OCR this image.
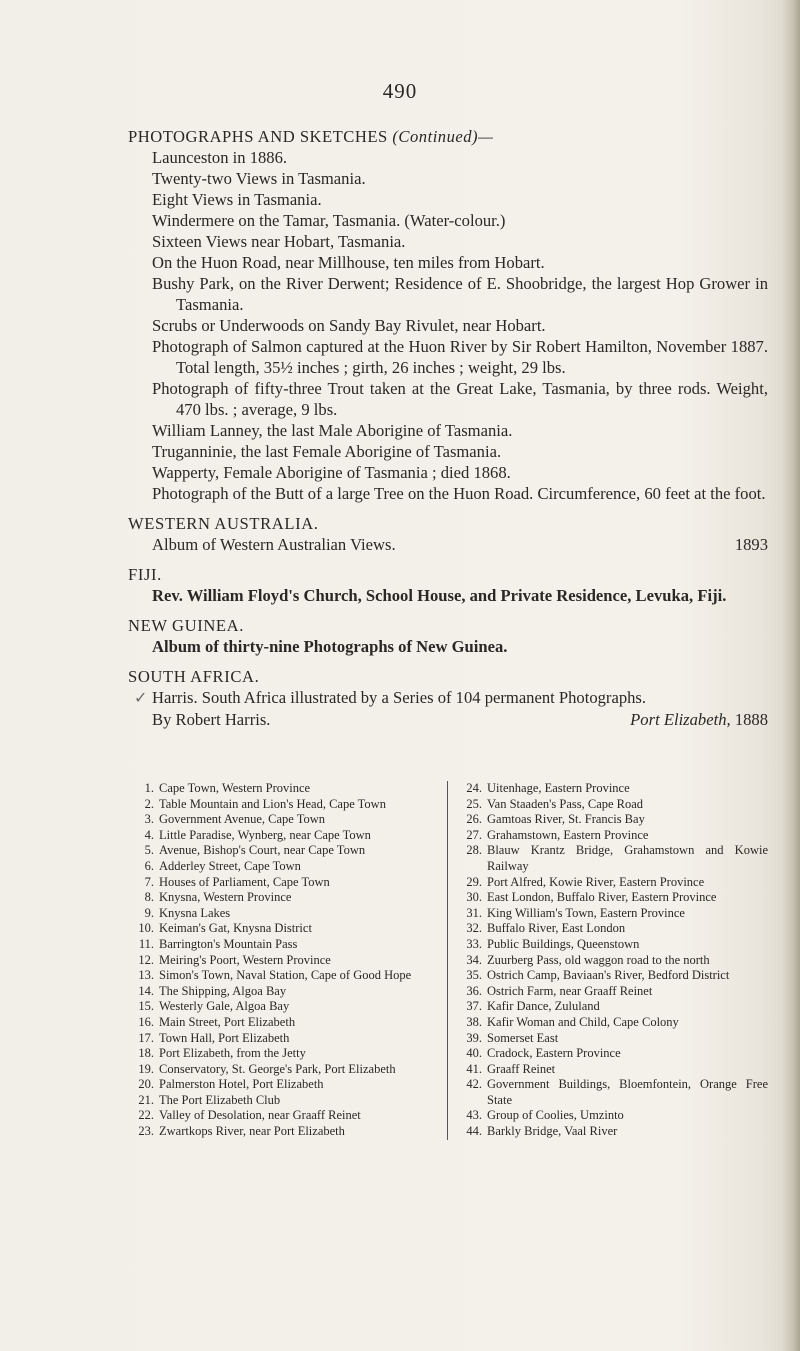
490

PHOTOGRAPHS AND SKETCHES (Continued)—

Launceston in 1886.

Twenty-two Views in Tasmania.

Eight Views in Tasmania.

Windermere on the Tamar, Tasmania. (Water-colour.)

Sixteen Views near Hobart, Tasmania.

On the Huon Road, near Millhouse, ten miles from Hobart.

Bushy Park, on the River Derwent; Residence of E. Shoobridge, the largest Hop Grower in Tasmania.

Scrubs or Underwoods on Sandy Bay Rivulet, near Hobart.

Photograph of Salmon captured at the Huon River by Sir Robert Hamilton, November 1887. Total length, 35½ inches ; girth, 26 inches ; weight, 29 lbs.

Photograph of fifty-three Trout taken at the Great Lake, Tasmania, by three rods. Weight, 470 lbs. ; average, 9 lbs.

William Lanney, the last Male Aborigine of Tasmania.

Truganninie, the last Female Aborigine of Tasmania.

Wapperty, Female Aborigine of Tasmania ; died 1868.

Photograph of the Butt of a large Tree on the Huon Road. Circumference, 60 feet at the foot.

WESTERN AUSTRALIA.

Album of Western Australian Views.	1893

FIJI.

Rev. William Floyd's Church, School House, and Private Residence, Levuka, Fiji.

NEW GUINEA.

Album of thirty-nine Photographs of New Guinea.

SOUTH AFRICA.

✓ Harris. South Africa illustrated by a Series of 104 permanent Photographs.

By Robert Harris.	Port Elizabeth, 1888
1. Cape Town, Western Province
2. Table Mountain and Lion's Head, Cape Town
3. Government Avenue, Cape Town
4. Little Paradise, Wynberg, near Cape Town
5. Avenue, Bishop's Court, near Cape Town
6. Adderley Street, Cape Town
7. Houses of Parliament, Cape Town
8. Knysna, Western Province
9. Knysna Lakes
10. Keiman's Gat, Knysna District
11. Barrington's Mountain Pass
12. Meiring's Poort, Western Province
13. Simon's Town, Naval Station, Cape of Good Hope
14. The Shipping, Algoa Bay
15. Westerly Gale, Algoa Bay
16. Main Street, Port Elizabeth
17. Town Hall, Port Elizabeth
18. Port Elizabeth, from the Jetty
19. Conservatory, St. George's Park, Port Elizabeth
20. Palmerston Hotel, Port Elizabeth
21. The Port Elizabeth Club
22. Valley of Desolation, near Graaff Reinet
23. Zwartkops River, near Port Elizabeth
24. Uitenhage, Eastern Province
25. Van Staaden's Pass, Cape Road
26. Gamtoas River, St. Francis Bay
27. Grahamstown, Eastern Province
28. Blauw Krantz Bridge, Grahamstown and Kowie Railway
29. Port Alfred, Kowie River, Eastern Province
30. East London, Buffalo River, Eastern Province
31. King William's Town, Eastern Province
32. Buffalo River, East London
33. Public Buildings, Queenstown
34. Zuurberg Pass, old waggon road to the north
35. Ostrich Camp, Baviaan's River, Bedford District
36. Ostrich Farm, near Graaff Reinet
37. Kafir Dance, Zululand
38. Kafir Woman and Child, Cape Colony
39. Somerset East
40. Cradock, Eastern Province
41. Graaff Reinet
42. Government Buildings, Bloemfontein, Orange Free State
43. Group of Coolies, Umzinto
44. Barkly Bridge, Vaal River
